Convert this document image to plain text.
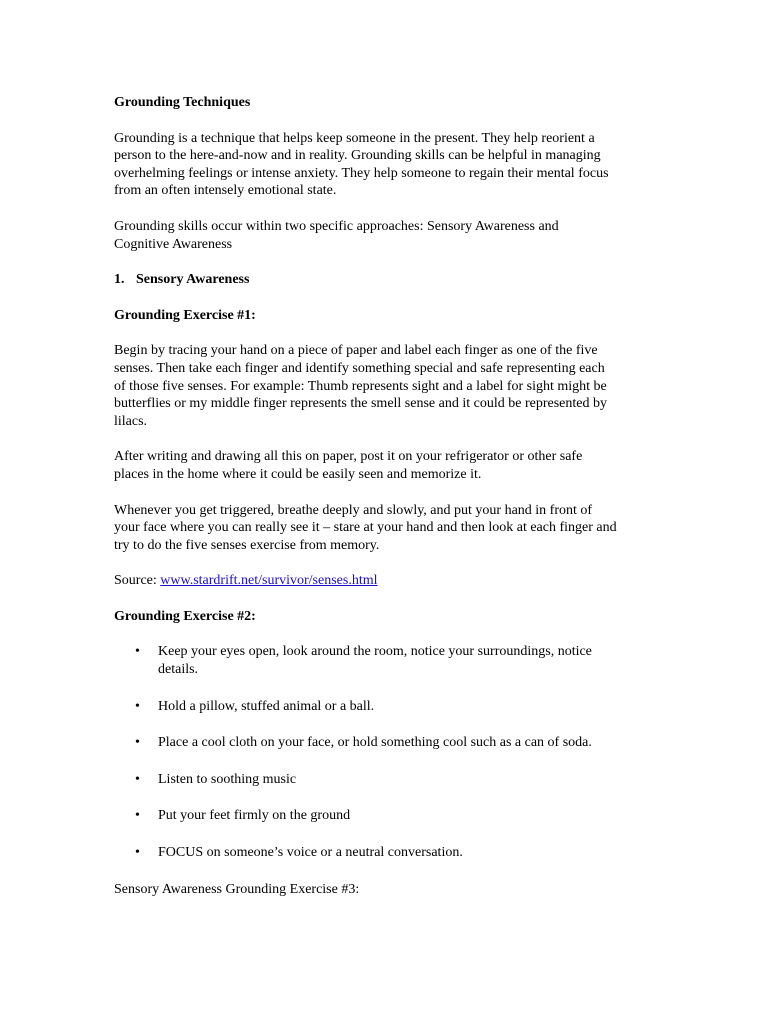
Grounding Techniques

Grounding is a technique that helps keep someone in the present. They help reorient a
person to the here-and-now and in reality. Grounding skills can be helpful in managing
overhelming feelings or intense anxiety. They help someone to regain their mental focus
from an often intensely emotional state.

Grounding skills occur within two specific approaches: Sensory Awareness and
Cognitive Awareness

1. Sensory Awareness

Grounding Exercise #1:

Begin by tracing your hand on a piece of paper and label each finger as one of the five
senses. Then take each finger and identify something special and safe representing each
of those five senses. For example: Thumb represents sight and a label for sight might be
butterflies or my middle finger represents the smell sense and it could be represented by
lilacs.

After writing and drawing all this on paper, post it on your refrigerator or other safe
places in the home where it could be easily seen and memorize it.

Whenever you get triggered, breathe deeply and slowly, and put your hand in front of
your face where you can really see it – stare at your hand and then look at each finger and
try to do the five senses exercise from memory.

Source: www.stardrift.net/survivor/senses.html

Grounding Exercise #2:

• Keep your eyes open, look around the room, notice your surroundings, notice
details.
• Hold a pillow, stuffed animal or a ball.
• Place a cool cloth on your face, or hold something cool such as a can of soda.
• Listen to soothing music
• Put your feet firmly on the ground
• FOCUS on someone’s voice or a neutral conversation.

Sensory Awareness Grounding Exercise #3:
